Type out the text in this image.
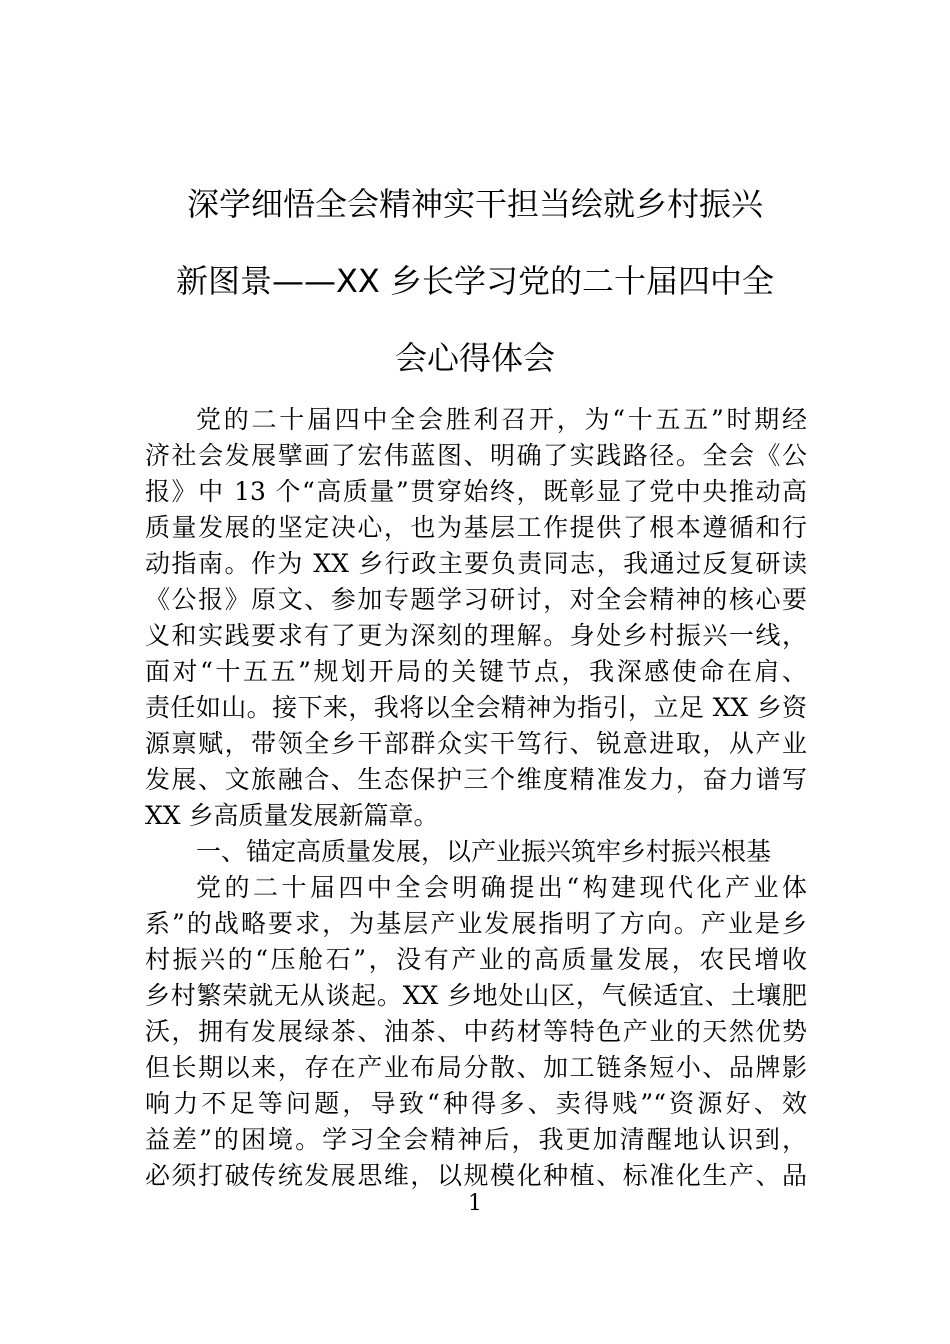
深学细悟全会精神实干担当绘就乡村振兴
新图景——XX 乡长学习党的二十届四中全
会心得体会
党的二十届四中全会胜利召开，为“十五五”时期经
济社会发展擘画了宏伟蓝图、明确了实践路径。全会《公
报》中 13 个“高质量”贯穿始终，既彰显了党中央推动高
质量发展的坚定决心，也为基层工作提供了根本遵循和行
动指南。作为 XX 乡行政主要负责同志，我通过反复研读
《公报》原文、参加专题学习研讨，对全会精神的核心要
义和实践要求有了更为深刻的理解。身处乡村振兴一线，
面对“十五五”规划开局的关键节点，我深感使命在肩、
责任如山。接下来，我将以全会精神为指引，立足 XX 乡资
源禀赋，带领全乡干部群众实干笃行、锐意进取，从产业
发展、文旅融合、生态保护三个维度精准发力，奋力谱写
XX 乡高质量发展新篇章。
一、锚定高质量发展，以产业振兴筑牢乡村振兴根基
党的二十届四中全会明确提出“构建现代化产业体
系”的战略要求，为基层产业发展指明了方向。产业是乡
村振兴的“压舱石”，没有产业的高质量发展，农民增收
乡村繁荣就无从谈起。XX 乡地处山区，气候适宜、土壤肥
沃，拥有发展绿茶、油茶、中药材等特色产业的天然优势
但长期以来，存在产业布局分散、加工链条短小、品牌影
响力不足等问题，导致“种得多、卖得贱”“资源好、效
益差”的困境。学习全会精神后，我更加清醒地认识到，
必须打破传统发展思维，以规模化种植、标准化生产、品
1
